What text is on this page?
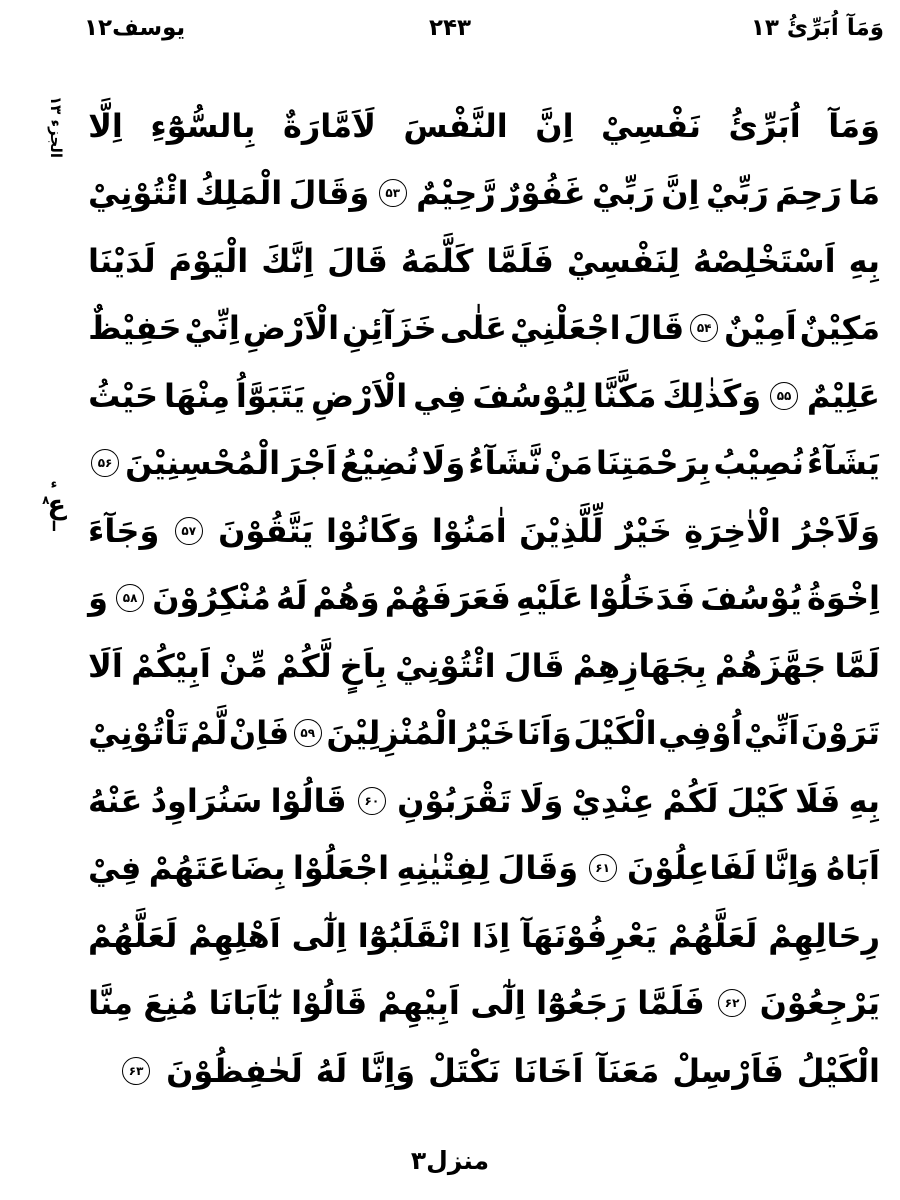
وَمَآ اُبَرِّئُ ۱۳
۲۴۳
يوسف۱۲
الجزء ۱۳
ء
ع
۸
ا
وَمَآ
اُبَرِّئُ
نَفْسِيْ
اِنَّ
النَّفْسَ
لَاَمَّارَةٌ
بِالسُّوْٓءِ
اِلَّا
مَا
رَحِمَ
رَبِّيْ
اِنَّ
رَبِّيْ
غَفُوْرٌ
رَّحِيْمٌ
۵۳
وَقَالَ
الْمَلِكُ
ائْتُوْنِيْ
بِهِ
اَسْتَخْلِصْهُ
لِنَفْسِيْ
فَلَمَّا
كَلَّمَهُ
قَالَ
اِنَّكَ
الْيَوْمَ
لَدَيْنَا
مَكِيْنٌ
اَمِيْنٌ
۵۴
قَالَ
اجْعَلْنِيْ
عَلٰى
خَزَآئِنِ
الْاَرْضِ
اِنِّيْ
حَفِيْظٌ
عَلِيْمٌ
۵۵
وَكَذٰلِكَ
مَكَّنَّا
لِيُوْسُفَ
فِي
الْاَرْضِ
يَتَبَوَّاُ
مِنْهَا
حَيْثُ
يَشَآءُ
نُصِيْبُ
بِرَحْمَتِنَا
مَنْ
نَّشَآءُ
وَلَا
نُضِيْعُ
اَجْرَ
الْمُحْسِنِيْنَ
۵۶
وَلَاَجْرُ
الْاٰخِرَةِ
خَيْرٌ
لِّلَّذِيْنَ
اٰمَنُوْا
وَكَانُوْا
يَتَّقُوْنَ
۵۷
وَجَآءَ
اِخْوَةُ
يُوْسُفَ
فَدَخَلُوْا
عَلَيْهِ
فَعَرَفَهُمْ
وَهُمْ
لَهُ
مُنْكِرُوْنَ
۵۸
وَ
لَمَّا
جَهَّزَهُمْ
بِجَهَازِهِمْ
قَالَ
ائْتُوْنِيْ
بِاَخٍ
لَّكُمْ
مِّنْ
اَبِيْكُمْ
اَلَا
تَرَوْنَ
اَنِّيْ
اُوْفِي
الْكَيْلَ
وَاَنَا
خَيْرُ
الْمُنْزِلِيْنَ
۵۹
فَاِنْ
لَّمْ
تَاْتُوْنِيْ
بِهِ
فَلَا
كَيْلَ
لَكُمْ
عِنْدِيْ
وَلَا
تَقْرَبُوْنِ
۶۰
قَالُوْا
سَنُرَاوِدُ
عَنْهُ
اَبَاهُ
وَاِنَّا
لَفَاعِلُوْنَ
۶۱
وَقَالَ
لِفِتْيٰنِهِ
اجْعَلُوْا
بِضَاعَتَهُمْ
فِيْ
رِحَالِهِمْ
لَعَلَّهُمْ
يَعْرِفُوْنَهَآ
اِذَا
انْقَلَبُوْٓا
اِلٰٓى
اَهْلِهِمْ
لَعَلَّهُمْ
يَرْجِعُوْنَ
۶۲
فَلَمَّا
رَجَعُوْٓا
اِلٰٓى
اَبِيْهِمْ
قَالُوْا
يٰٓاَبَانَا
مُنِعَ
مِنَّا
الْكَيْلُ
فَاَرْسِلْ
مَعَنَآ
اَخَانَا
نَكْتَلْ
وَاِنَّا
لَهُ
لَحٰفِظُوْنَ
۶۳
منزل۳
